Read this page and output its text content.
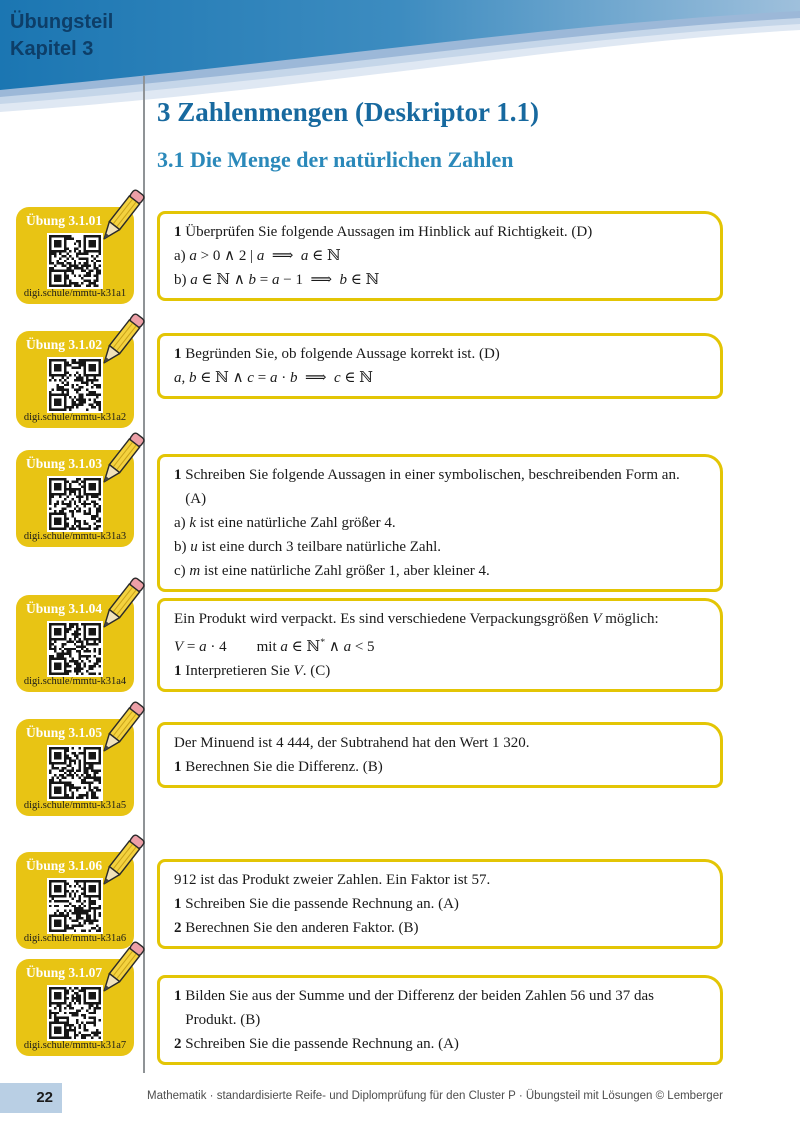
Übungsteil
Kapitel 3
3 Zahlenmengen (Deskriptor 1.1)
3.1 Die Menge der natürlichen Zahlen
Übung 3.1.01
digi.schule/mmtu-k31a1
Übung 3.1.02
digi.schule/mmtu-k31a2
Übung 3.1.03
digi.schule/mmtu-k31a3
Übung 3.1.04
digi.schule/mmtu-k31a4
Übung 3.1.05
digi.schule/mmtu-k31a5
Übung 3.1.06
digi.schule/mmtu-k31a6
Übung 3.1.07
digi.schule/mmtu-k31a7
1 Überprüfen Sie folgende Aussagen im Hinblick auf Richtigkeit. (D)
a) a > 0 ∧ 2 | a  ⟹  a ∈ ℕ
b) a ∈ ℕ ∧ b = a − 1  ⟹  b ∈ ℕ
1 Begründen Sie, ob folgende Aussage korrekt ist. (D)
a, b ∈ ℕ ∧ c = a · b  ⟹  c ∈ ℕ
1 Schreiben Sie folgende Aussagen in einer symbolischen, beschreibenden Form an.
(A)
a) k ist eine natürliche Zahl größer 4.
b) u ist eine durch 3 teilbare natürliche Zahl.
c) m ist eine natürliche Zahl größer 1, aber kleiner 4.
Ein Produkt wird verpackt. Es sind verschiedene Verpackungsgrößen V möglich:
V = a · 4        mit a ∈ ℕ* ∧ a < 5
1 Interpretieren Sie V. (C)
Der Minuend ist 4 444, der Subtrahend hat den Wert 1 320.
1 Berechnen Sie die Differenz. (B)
912 ist das Produkt zweier Zahlen. Ein Faktor ist 57.
1 Schreiben Sie die passende Rechnung an. (A)
2 Berechnen Sie den anderen Faktor. (B)
1 Bilden Sie aus der Summe und der Differenz der beiden Zahlen 56 und 37 das
Produkt. (B)
2 Schreiben Sie die passende Rechnung an. (A)
22	Mathematik · standardisierte Reife- und Diplomprüfung für den Cluster P · Übungsteil mit Lösungen © Lemberger
